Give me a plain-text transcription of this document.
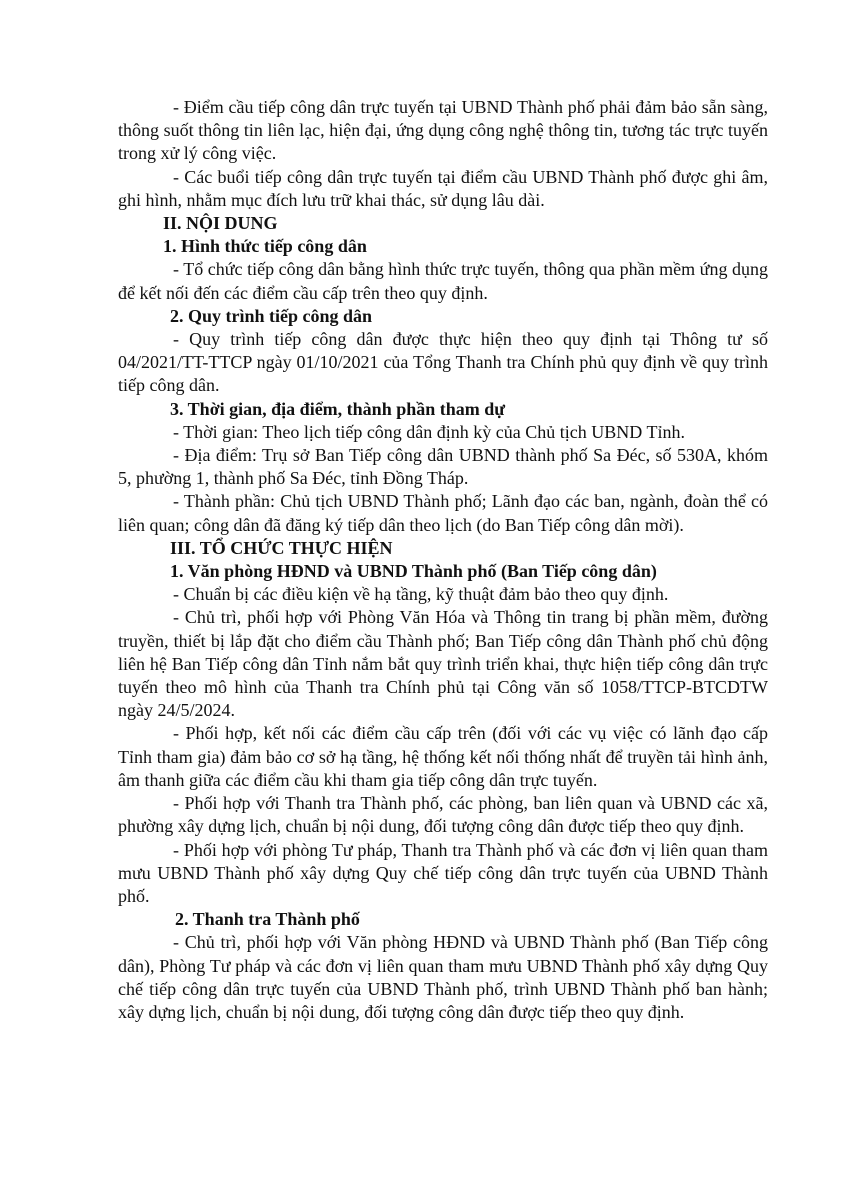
- Điểm cầu tiếp công dân trực tuyến tại UBND Thành phố phải đảm bảo sẵn sàng, thông suốt thông tin liên lạc, hiện đại, ứng dụng công nghệ thông tin, tương tác trực tuyến trong xử lý công việc.

- Các buổi tiếp công dân trực tuyến tại điểm cầu UBND Thành phố được ghi âm, ghi hình, nhằm mục đích lưu trữ khai thác, sử dụng lâu dài.

II. NỘI DUNG

1. Hình thức tiếp công dân

- Tổ chức tiếp công dân bằng hình thức trực tuyến, thông qua phần mềm ứng dụng để kết nối đến các điểm cầu cấp trên theo quy định.

2. Quy trình tiếp công dân

- Quy trình tiếp công dân được thực hiện theo quy định tại Thông tư số 04/2021/TT-TTCP ngày 01/10/2021 của Tổng Thanh tra Chính phủ quy định về quy trình tiếp công dân.

3. Thời gian, địa điểm, thành phần tham dự

- Thời gian: Theo lịch tiếp công dân định kỳ của Chủ tịch UBND Tỉnh.

- Địa điểm: Trụ sở Ban Tiếp công dân UBND thành phố Sa Đéc, số 530A, khóm 5, phường 1, thành phố Sa Đéc, tỉnh Đồng Tháp.

- Thành phần: Chủ tịch UBND Thành phố; Lãnh đạo các ban, ngành, đoàn thể có liên quan; công dân đã đăng ký tiếp dân theo lịch (do Ban Tiếp công dân mời).

III. TỔ CHỨC THỰC HIỆN

1. Văn phòng HĐND và UBND Thành phố (Ban Tiếp công dân)

- Chuẩn bị các điều kiện về hạ tầng, kỹ thuật đảm bảo theo quy định.

- Chủ trì, phối hợp với Phòng Văn Hóa và Thông tin trang bị phần mềm, đường truyền, thiết bị lắp đặt cho điểm cầu Thành phố; Ban Tiếp công dân Thành phố chủ động liên hệ Ban Tiếp công dân Tỉnh nắm bắt quy trình triển khai, thực hiện tiếp công dân trực tuyến theo mô hình của Thanh tra Chính phủ tại Công văn số 1058/TTCP-BTCDTW ngày 24/5/2024.

- Phối hợp, kết nối các điểm cầu cấp trên (đối với các vụ việc có lãnh đạo cấp Tỉnh tham gia) đảm bảo cơ sở hạ tầng, hệ thống kết nối thống nhất để truyền tải hình ảnh, âm thanh giữa các điểm cầu khi tham gia tiếp công dân trực tuyến.

- Phối hợp với Thanh tra Thành phố, các phòng, ban liên quan và UBND các xã, phường xây dựng lịch, chuẩn bị nội dung, đối tượng công dân được tiếp theo quy định.

- Phối hợp với phòng Tư pháp, Thanh tra Thành phố và các đơn vị liên quan tham mưu UBND Thành phố xây dựng Quy chế tiếp công dân trực tuyến của UBND Thành phố.

2. Thanh tra Thành phố

- Chủ trì, phối hợp với Văn phòng HĐND và UBND Thành phố (Ban Tiếp công dân), Phòng Tư pháp và các đơn vị liên quan tham mưu UBND Thành phố xây dựng Quy chế tiếp công dân trực tuyến của UBND Thành phố, trình UBND Thành phố ban hành; xây dựng lịch, chuẩn bị nội dung, đối tượng công dân được tiếp theo quy định.
